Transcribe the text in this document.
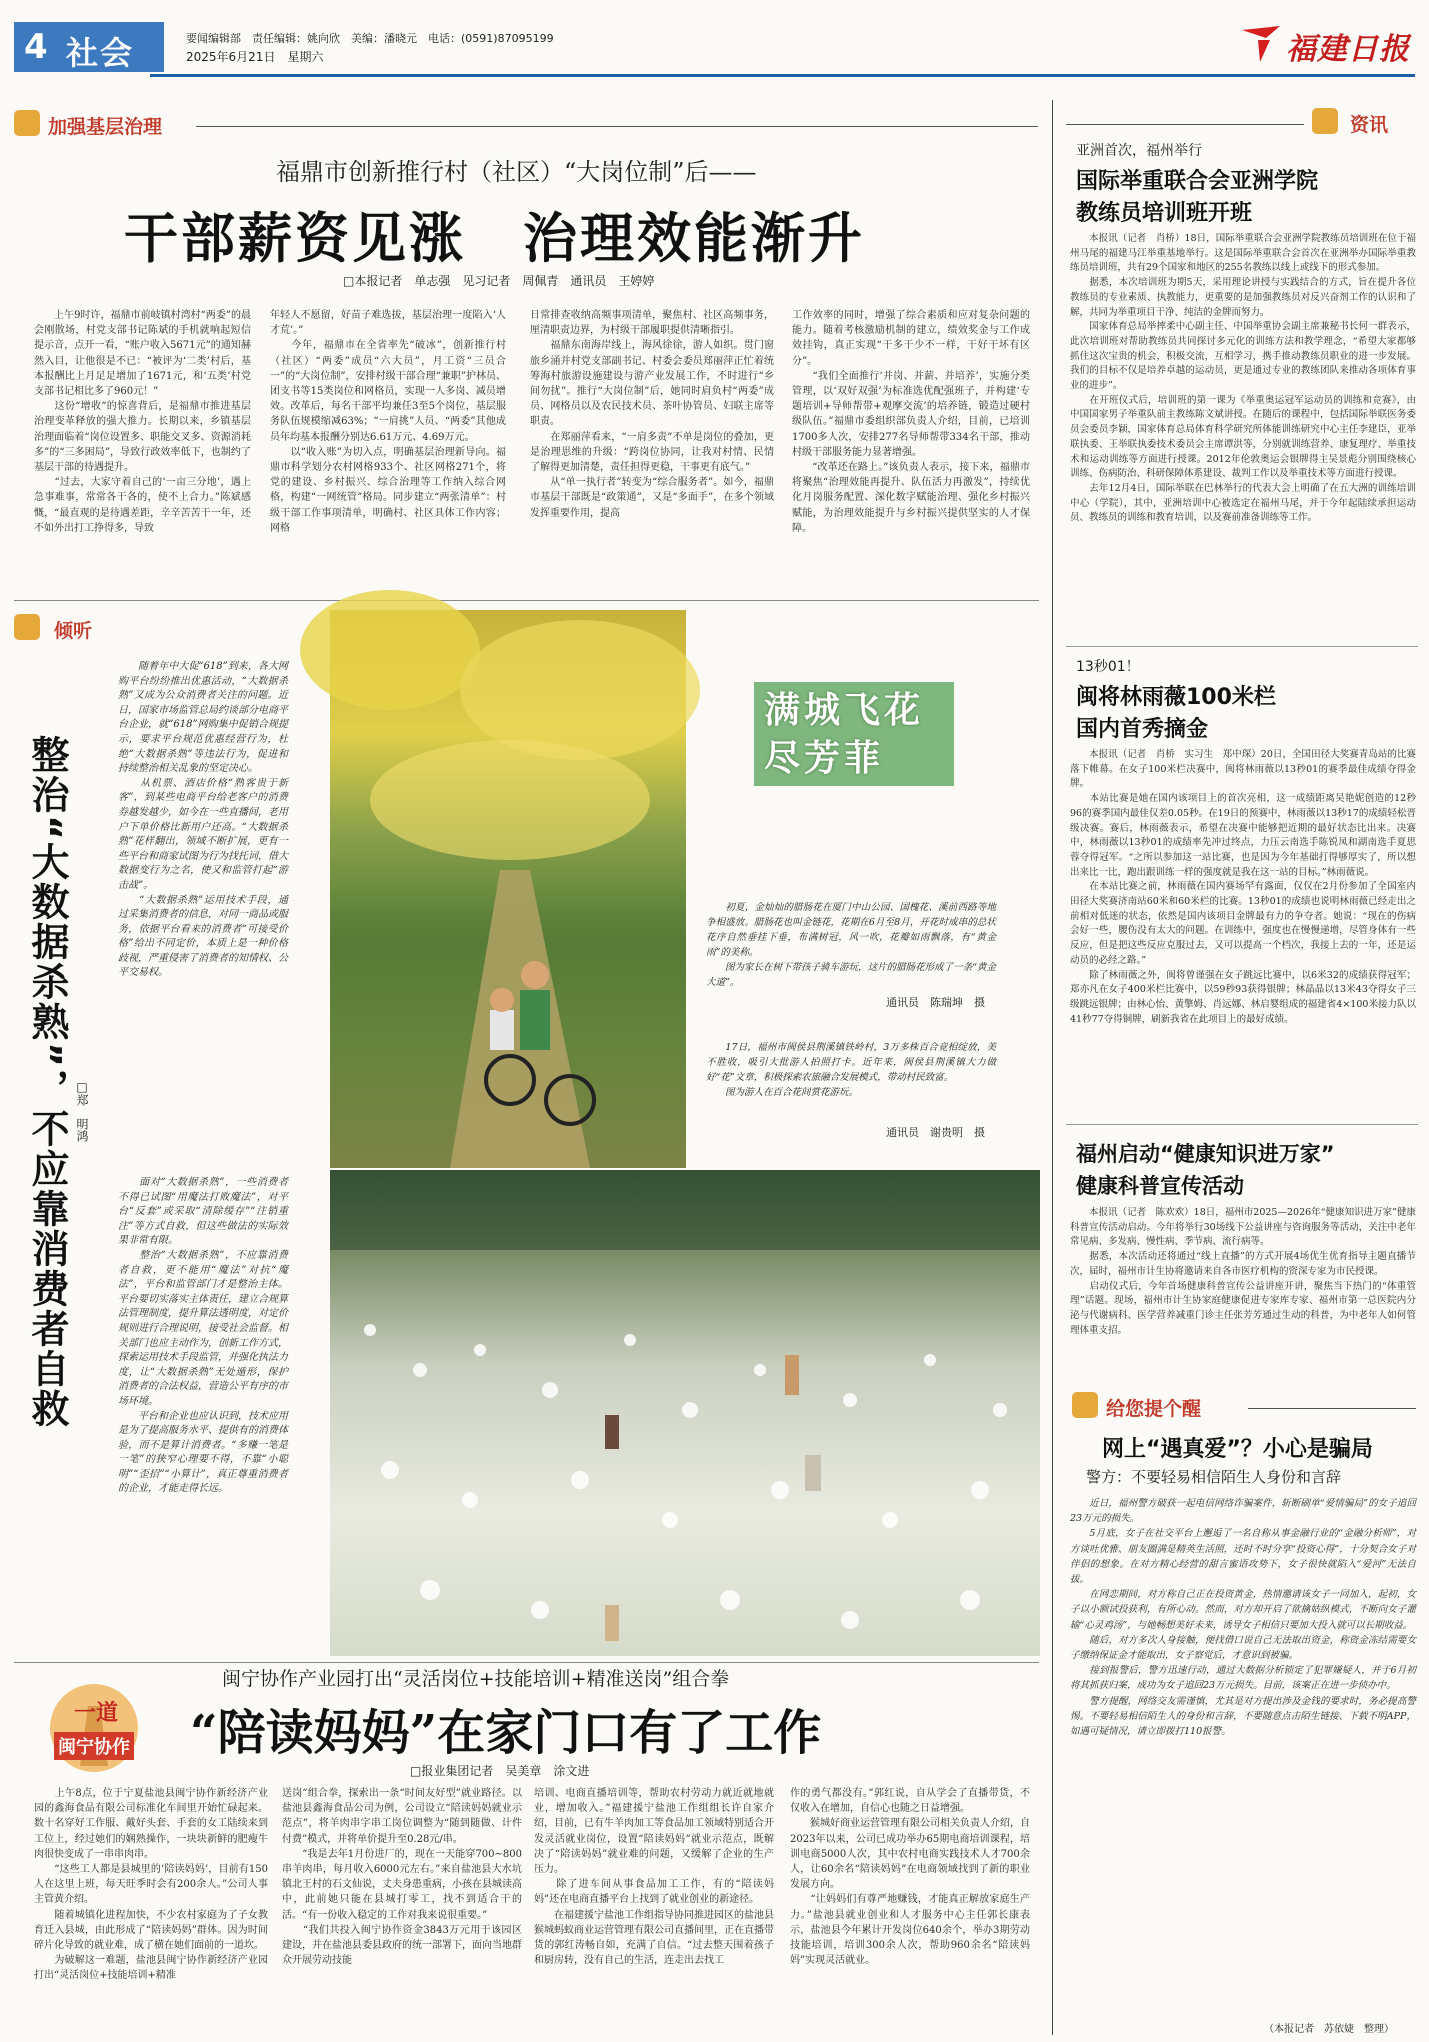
4 社会	要闻编辑部　责任编辑：姚向欣　美编：潘晓元　电话：(0591)87095199
2025年6月21日　星期六	福建日报
加强基层治理
福鼎市创新推行村（社区）“大岗位制”后——
干部薪资见涨　治理效能渐升
□本报记者　单志强　见习记者　周佩青　通讯员　王婷婷
　　上午9时许，福鼎市前岐镇村湾村“两委”的晨会刚散场，村党支部书记陈斌的手机就响起短信提示音，点开一看，“账户收入5671元”的通知赫然入目，让他很是不已：“被评为‘二类’村后，基本报酬比上月足足增加了1671元，和‘五类’村党支部书记相比多了960元！”
　　这份“增收”的惊喜背后，是福鼎市推进基层治理变革释放的强大推力。长期以来，乡镇基层治理面临着“岗位设置多、职能交叉多、资源消耗多”的“三多困局”，导致行政效率低下，也制约了基层干部的待遇提升。
　　“过去，大家守着自己的‘一亩三分地’，遇上急事难事，常常各干各的，使不上合力。”陈斌感慨，“最直观的是待遇差距，辛辛苦苦干一年，还不如外出打工挣得多，导致
年轻人不愿留，好苗子难选拔，基层治理一度陷入‘人才荒’。”
　　今年，福鼎市在全省率先“破冰”，创新推行村（社区）“两委”成员“六大员”，月工资“三员合一”的“大岗位制”，安排村级干部合理“兼职”护林员、团支书等15类岗位和网格员，实现一人多岗、减员增效。改革后，每名干部平均兼任3至5个岗位，基层服务队伍规模缩减63%；“一肩挑”人员、“两委”其他成员年均基本报酬分别达6.61万元、4.69万元。
　　以“收入账”为切入点，明确基层治理新导向。福鼎市科学划分农村网格933个、社区网格271个，将党的建设、乡村振兴、综合治理等工作纳入综合网格，构建“一网统管”格局。同步建立“两张清单”：村级干部工作事项清单，明确村、社区具体工作内容；网格
日常排查收纳高频事项清单，聚焦村、社区高频事务，厘清职责边界，为村级干部履职提供清晰指引。
　　福鼎东南海岸线上，海风徐徐，游人如织。贯门窗旅乡涌并村党支部副书记、村委会委员郑丽萍正忙着统筹海村旅游设施建设与游产业发展工作，不时进行“乡间勿扰”。推行“大岗位制”后，她同时肩负村“两委”成员、网格员以及农民技术员、茶叶协管员、妇联主席等职责。
　　在郑丽萍看来，“一肩多责”不单是岗位的叠加，更是治理思维的升级：“跨岗位协同，让我对村情、民情了解得更加清楚，责任担得更稳，干事更有底气。”
　　从“单一执行者”转变为“综合服务者”。如今，福鼎市基层干部既是“政策通”，又是“多面手”，在多个领域发挥重要作用，提高
工作效率的同时，增强了综合素质和应对复杂问题的能力。随着考核激励机制的建立，绩效奖金与工作成效挂钩，真正实现“干多干少不一样，干好干坏有区分”。
　　“我们全面推行‘并岗、并薪、并培养’，实施分类管理，以‘双好双强’为标准选优配强班子，并构建‘专题培训+导师帮带+观摩交流’的培养链，锻造过硬村级队伍。”福鼎市委组织部负责人介绍，目前，已培训1700多人次，安排277名导师帮带334名干部，推动村级干部服务能力显著增强。
　　“改革还在路上。”该负责人表示，接下来，福鼎市将聚焦“治理效能再提升、队伍活力再激发”，持续优化月岗服务配置、深化数字赋能治理、强化乡村振兴赋能，为治理效能提升与乡村振兴提供坚实的人才保障。
倾听
整治“大数据杀熟”，不应靠消费者自救 □郑　明鸿
　　随着年中大促“618”到来，各大网购平台纷纷推出优惠活动，“大数据杀熟”又成为公众消费者关注的问题。近日，国家市场监管总局约谈部分电商平台企业，就“618”网购集中促销合规提示，要求平台规范优惠经营行为，杜绝“大数据杀熟”等违法行为，促进和持续整治相关乱象的坚定决心。
　　从机票、酒店价格“熟客贵于新客”，到某些电商平台给老客户的消费券越发越少，如今在一些直播间，老用户下单价格比新用户还高。“大数据杀熟”花样翻出，领域不断扩展，更有一些平台和商家试图为行为找托词，借大数据变行为之名，使又和监管打起“游击战”。
　　“大数据杀熟”运用技术手段，通过采集消费者的信息，对同一商品或服务，依据平台看来的消费者“可接受价格”给出不同定价，本质上是一种价格歧视，严重侵害了消费者的知情权、公平交易权。
　　面对“大数据杀熟”，一些消费者不得已试图“用魔法打败魔法”，对平台“反套”或采取“清除缓存”“注销重注”等方式自救，但这些做法的实际效果非常有限。
　　整治“大数据杀熟”，不应靠消费者自救，更不能用“魔法”对抗“魔法”，平台和监管部门才是整治主体。平台要切实落实主体责任，建立合规算法管理制度，提升算法透明度，对定价规则进行合理说明，接受社会监督。相关部门也应主动作为，创新工作方式，探索运用技术手段监管，并强化执法力度，让“大数据杀熟”无处遁形，保护消费者的合法权益，营造公平有序的市场环境。
　　平台和企业也应认识到，技术应用是为了提高服务水平、提供有的消费体验，而不是算计消费者。“多赚一笔是一笔”的狭窄心理要不得，不靠“小聪明”“歪招”“小算计”，真正尊重消费者的企业，才能走得长远。
满城飞花尽芳菲
　　初夏，金灿灿的腊肠花在厦门中山公园、国槐花、溪前西路等地争相盛放。腊肠花也叫金链花，花期在6月至8月，开花时成串的总状花序自然垂挂下垂，布满树冠，风一吹，花瓣如雨飘落，有“黄金雨”的美称。
　　图为家长在树下带孩子骑车游玩，这片的腊肠花形成了一条“黄金大道”。
通讯员　陈瑞坤　摄
　　17日，福州市闽侯县荆溪镇铁岭村，3万多株百合竞相绽放，美不胜收，吸引大批游人拍照打卡。近年来，闽侯县荆溪镇大力做好“花”文章，积极探索农旅融合发展模式，带动村民致富。
　　图为游人在百合花间赏花游玩。
通讯员　谢贵明　摄
一道
闽宁协作
闽宁协作产业园打出“灵活岗位+技能培训+精准送岗”组合拳
“陪读妈妈”在家门口有了工作
□报业集团记者　吴美章　涂文进
　　上午8点，位于宁夏盐池县闽宁协作新经济产业园的鑫海食品有限公司标准化车间里开始忙碌起来。数十名穿好工作服、戴好头套、手套的女工陆续来到工位上，经过她们的娴熟操作，一块块新鲜的肥瘦牛肉很快变成了一串串肉串。
　　“这些工人都是县城里的‘陪读妈妈’，目前有150人在这里上班，每天旺季时会有200余人。”公司人事主管黄介绍。
　　随着城镇化进程加快，不少农村家庭为了子女教育迁入县城，由此形成了“陪读妈妈”群体。因为时间碎片化导致的就业难，成了横在她们面前的一道坎。
　　为破解这一难题，盐池县闽宁协作新经济产业园打出“灵活岗位+技能培训+精准
送岗”组合拳，探索出一条“时间友好型”就业路径。以盐池县鑫海食品公司为例，公司设立“陪读妈妈就业示范点”，将羊肉串字串工岗位调整为“随到随做、计件付费”模式，并将单价提升至0.28元/串。
　　“我是去年1月份进厂的，现在一天能穿700~800串羊肉串，每月收入6000元左右。”来自盐池县大水坑镇北王村的石文仙说，丈夫身患重病，小孩在县城读高中，此前她只能在县城打零工，找不到适合干的活。“有一份收入稳定的工作对我来说很重要。”
　　“我们共投入闽宁协作资金3843万元用于该园区建设，并在盐池县委县政府的统一部署下，面向当地群众开展劳动技能
培训、电商直播培训等，帮助农村劳动力就近就地就业，增加收入。”福建援宁盐池工作组组长许自家介绍，目前，已有牛羊肉加工等食品加工领域特别适合开发灵活就业岗位，设置“陪读妈妈”就业示范点，既解决了“陪读妈妈”就业难的问题，又缓解了企业的生产压力。
　　除了进车间从事食品加工工作，有的“陪读妈妈”还在电商直播平台上找到了就业创业的新途径。
　　在福建援宁盐池工作组指导协同推进园区的盐池县猴城蚂蚁商业运营管理有限公司直播间里，正在直播带货的郭红涛畅自如，充满了自信。“过去整天围着孩子和厨房转，没有自己的生活，连走出去找工
作的勇气都没有。”郭红说，自从学会了直播带货，不仅收入在增加，自信心也随之日益增强。
　　猴城好商业运营管理有限公司相关负责人介绍，自2023年以来，公司已成功举办65期电商培训课程，培训电商5000人次，其中农村电商实践技术人才700余人，让60余名“陪读妈妈”在电商领域找到了新的职业发展方向。
　　“让妈妈们有尊严地赚钱，才能真正解放家庭生产力。”盐池县就业创业和人才服务中心主任郭长康表示，盐池县今年累计开发岗位640余个，举办3期劳动技能培训，培训300余人次，帮助960余名“陪读妈妈”实现灵活就业。
资讯
亚洲首次，福州举行
国际举重联合会亚洲学院
教练员培训班开班
　　本报讯（记者　肖桥）18日，国际举重联合会亚洲学院教练员培训班在位于福州马尾的福建马江举重基地举行。这是国际举重联合会首次在亚洲举办国际举重教练员培训班，共有29个国家和地区的255名教练以线上或线下的形式参加。
　　据悉，本次培训班为期5天，采用理论讲授与实践结合的方式，旨在提升各位教练员的专业素质、执教能力，更重要的是加强教练员对反兴奋剂工作的认识和了解，共同为举重项目干净、纯洁的金牌而努力。
　　国家体育总局举摔柔中心副主任、中国举重协会副主席兼秘书长何一群表示，此次培训班对帮助教练员共同探讨多元化的训练方法和教学理念，“希望大家都够抓住这次宝贵的机会，积极交流，互相学习，携手推动教练员职业的进一步发展。我们的目标不仅是培养卓越的运动员，更是通过专业的教练团队来推动各项体育事业的进步”。
　　在开班仪式后，培训班的第一课为《举重奥运冠军运动员的训练和竞赛》，由中国国家男子举重队前主教练陈文斌讲授。在随后的课程中，包括国际举联医务委员会委员李颖，国家体育总局体育科学研究所体能训练研究中心主任李建臣，亚举联执委、王举联执委技术委员会主席谭洪等，分别就训练营养、康复理疗、举重技术和运动训练等方面进行授课。2012年伦敦奥运会银牌得主吴景彪分别围绕核心训练、伤病防治、科研保障体系建设、裁判工作以及举重技术等方面进行授课。
　　去年12月4日，国际举联在巴林举行的代表大会上明确了在五大洲的训练培训中心（学院），其中，亚洲培训中心被选定在福州马尾，并于今年起陆续承担运动员、教练员的训练和教育培训，以及赛前准备训练等工作。
13秒01！
闽将林雨薇100米栏
国内首秀摘金
　　本报讯（记者　肖桥　实习生　郑中琛）20日，全国田径大奖赛青岛站的比赛落下帷幕。在女子100米栏决赛中，闽将林雨薇以13秒01的赛季最佳成绩夺得金牌。
　　本站比赛是她在国内该项目上的首次亮相，这一成绩距离吴艳妮创造的12秒96的赛季国内最佳仅差0.05秒。在19日的预赛中，林雨薇以13秒17的成绩轻松晋级决赛。赛后，林雨薇表示，希望在决赛中能够把近期的最好状态比出来。决赛中，林雨薇以13秒01的成绩率先冲过终点，力压云南选手陈锐凤和湖南选手夏思蓉夺得冠军。“之所以参加这一站比赛，也是因为今年基础打得够厚实了，所以想出来比一比，跑出跟训练一样的强度就是我在这一站的目标。”林雨薇说。
　　在本站比赛之前，林雨薇在国内赛场罕有露面，仅仅在2月份参加了全国室内田径大奖赛济南站60米和60米栏的比赛。13秒01的成绩也说明林雨薇已经走出之前相对低迷的状态，依然是国内该项目金牌最有力的争夺者。她说：“现在的伤病会好一些，腰伤没有太大的问题。在训练中，强度也在慢慢递增，尽管身体有一些反应，但是把这些反应克服过去，又可以提高一个档次，我接上去的一年，还是运动员的必经之路。”
　　除了林雨薇之外，闽将曾谨强在女子跳远比赛中，以6米32的成绩获得冠军；郑亦凡在女子400米栏比赛中，以59秒93获得银牌；林晶晶以13米43夺得女子三级跳远银牌；由林心怡、黄擎姆、肖远娜、林启婴组成的福建省4×100米接力队以41秒77夺得铜牌，刷新我省在此项目上的最好成绩。
福州启动“健康知识进万家”
健康科普宣传活动
　　本报讯（记者　陈欢欢）18日，福州市2025—2026年“健康知识进万家”健康科普宣传活动启动。今年将举行30场线下公益讲座与咨询服务等活动，关注中老年常见病、多发病、慢性病、季节病、流行病等。
　　据悉，本次活动还将通过“线上直播”的方式开展4场优生优育指导主题直播节次，届时，福州市计生协将邀请来自各市医疗机构的资深专家为市民授课。
　　启动仪式后，今年首场健康科普宣传公益讲座开讲，聚焦当下热门的“体重管理”话题。现场，福州市计生协家庭健康促进专家库专家、福州市第一总医院内分泌与代谢病科、医学营养减重门诊主任张芳芳通过生动的科普，为中老年人如何管理体重支招。
给您提个醒
网上“遇真爱”？小心是骗局
警方：不要轻易相信陌生人身份和言辞
　　近日，福州警方破获一起电信网络诈骗案件，斩断刷单“爱情骗局”的女子追回23万元的损失。
　　5月底，女子在社交平台上邂逅了一名自称从事金融行业的“金融分析师”，对方谈吐优雅、朋友圈满是精英生活照，还时不时分享“投资心得”，十分契合女子对伴侣的想象。在对方精心经营的甜言蜜语攻势下，女子很快就陷入“爱河”无法自拔。
　　在网恋期间，对方称自己正在投资黄金，热情邀请该女子一同加入，起初，女子以小额试投获利，有所心动。然而，对方却开启了欲擒姑纵模式，不断向女子灌输“心灵鸡汤”，与她畅想美好未来，诱导女子相信只要加大投入就可以长期收益。
　　随后，对方多次人身接触，便找借口说自己无法取出资金，称资金冻结需要女子缴纳保证金才能取出，女子察觉后，才意识到被骗。
　　接到报警后，警方迅速行动，通过大数据分析锁定了犯罪嫌疑人，并于6月初将其抓获归案，成功为女子追回23万元损失。目前，该案正在进一步侦办中。
　　警方提醒，网络交友需谨慎，尤其是对方提出涉及金钱的要求时，务必提高警惕。不要轻易相信陌生人的身份和言辞，不要随意点击陌生链接、下载不明APP，如遇可疑情况，请立即拨打110报警。
（本报记者　苏依婕　整理）
